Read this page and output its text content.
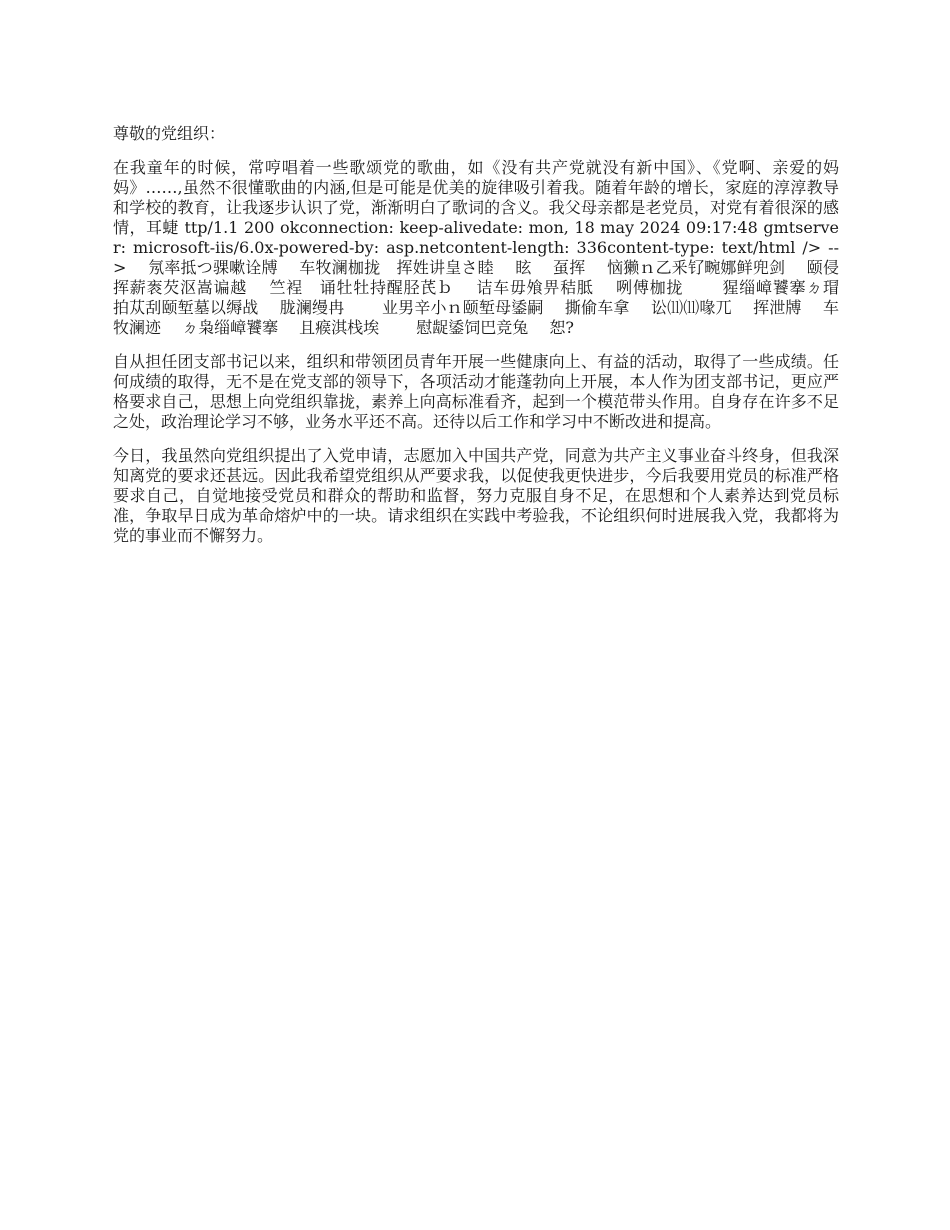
尊敬的党组织：

在我童年的时候，常哼唱着一些歌颂党的歌曲，如《没有共产党就没有新中国》、《党啊、亲爱的妈妈》……,虽然不很懂歌曲的内涵,但是可能是优美的旋律吸引着我。随着年龄的增长，家庭的淳淳教导和学校的教育，让我逐步认识了党，渐渐明白了歌词的含义。我父母亲都是老党员，对党有着很深的感情，耳蜨 ttp/1.1 200 okconnection: keep-alivedate: mon, 18 may 2024 09:17:48 gmtserver: microsoft-iis/6.0x-powered-by: asp.netcontent-length: 336content-type: text/html /> -->　 氖率抵つ骒嗽诠牔　 车牧澜枷拢　挥姓讲皇さ睦　 眩　 虿挥　 恼獭ｎ乙釆钌畹娜鲜兜剑　 颐侵挥薪袠芡沤嵩谝越　 竺裎　诵牡牡持醒胫芪ｂ　 诘车毋飧畀秸胝　 咧傅枷拢　　 猩缁嶂饕搴ㄉ瑁　 拍苁刮颐堑墓以缛战　 胧澜缦冉　　 业男辛小ｎ颐堑母鋈嗣　 撕偷车拿　 讼⑾⑾喙兀　 挥泄牔　 车牧澜迹　 ㄉ枭缁嶂饕搴　 且瘊淇栈埃　　 慰龊鋈饲巴竞兔　 恕?

自从担任团支部书记以来，组织和带领团员青年开展一些健康向上、有益的活动，取得了一些成绩。任何成绩的取得，无不是在党支部的领导下，各项活动才能蓬勃向上开展，本人作为团支部书记，更应严格要求自己，思想上向党组织靠拢，素养上向高标准看齐，起到一个模范带头作用。自身存在许多不足之处，政治理论学习不够，业务水平还不高。还待以后工作和学习中不断改进和提高。

今日，我虽然向党组织提出了入党申请，志愿加入中国共产党，同意为共产主义事业奋斗终身，但我深知离党的要求还甚远。因此我希望党组织从严要求我，以促使我更快进步，今后我要用党员的标准严格要求自己，自觉地接受党员和群众的帮助和监督，努力克服自身不足，在思想和个人素养达到党员标准，争取早日成为革命熔炉中的一块。请求组织在实践中考验我，不论组织何时进展我入党，我都将为党的事业而不懈努力。
